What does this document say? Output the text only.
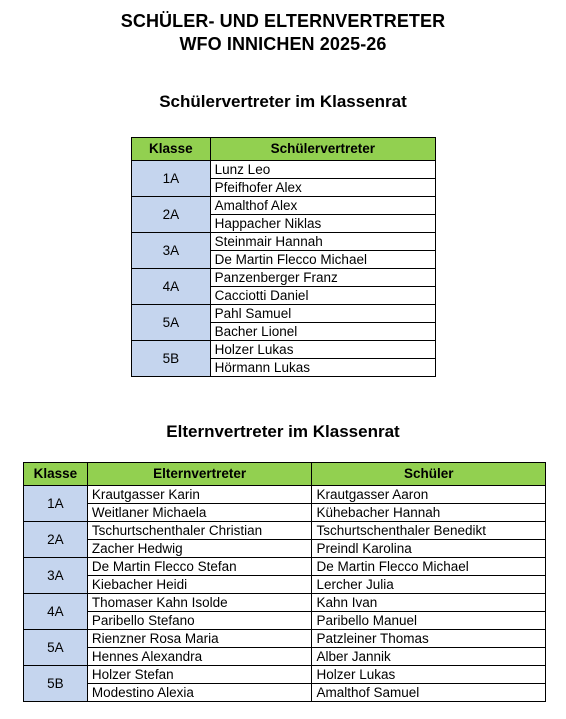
SCHÜLER- UND ELTERNVERTRETER
WFO INNICHEN 2025-26
Schülervertreter im Klassenrat
Klasse	Schülervertreter
1A	Lunz Leo
	Pfeifhofer Alex
2A	Amalthof Alex
	Happacher Niklas
3A	Steinmair Hannah
	De Martin Flecco Michael
4A	Panzenberger Franz
	Cacciotti Daniel
5A	Pahl Samuel
	Bacher Lionel
5B	Holzer Lukas
	Hörmann Lukas
Elternvertreter im Klassenrat
Klasse	Elternvertreter	Schüler
1A	Krautgasser Karin	Krautgasser Aaron
	Weitlaner Michaela	Kühebacher Hannah
2A	Tschurtschenthaler Christian	Tschurtschenthaler Benedikt
	Zacher Hedwig	Preindl Karolina
3A	De Martin Flecco Stefan	De Martin Flecco Michael
	Kiebacher Heidi	Lercher Julia
4A	Thomaser Kahn Isolde	Kahn Ivan
	Paribello Stefano	Paribello Manuel
5A	Rienzner Rosa Maria	Patzleiner Thomas
	Hennes Alexandra	Alber Jannik
5B	Holzer Stefan	Holzer Lukas
	Modestino Alexia	Amalthof Samuel
